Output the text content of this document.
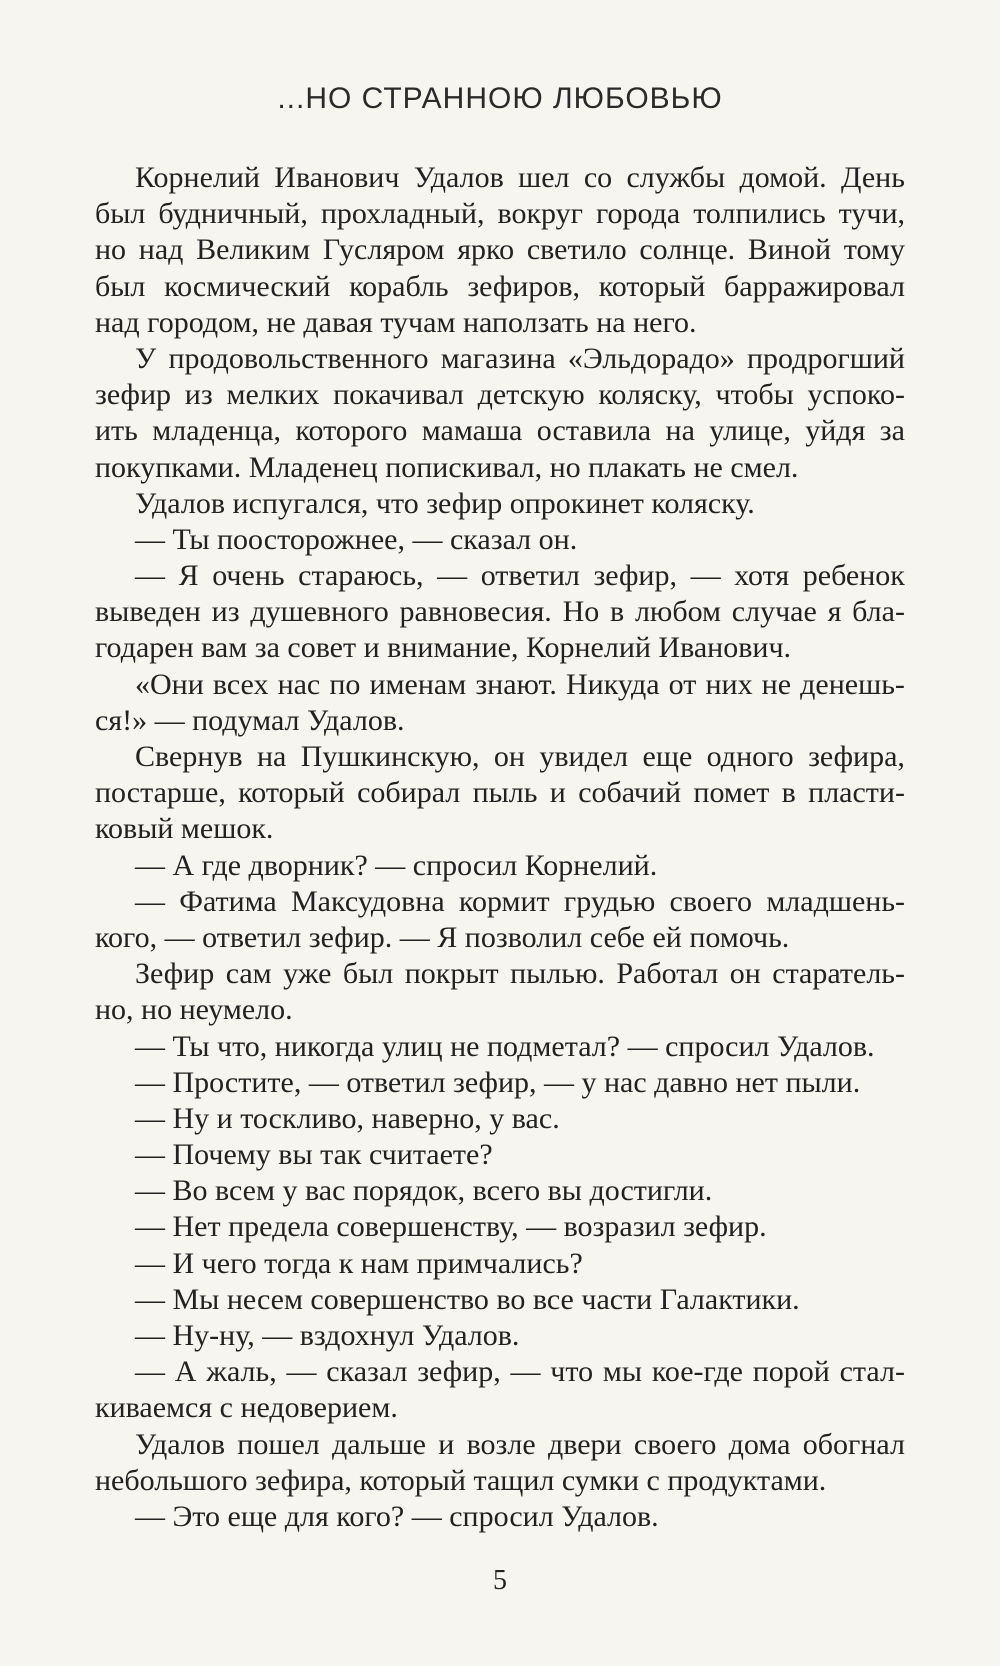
...НО СТРАННОЮ ЛЮБОВЬЮ
Корнелий Иванович Удалов шел со службы домой. День
был будничный, прохладный, вокруг города толпились тучи,
но над Великим Гусляром ярко светило солнце. Виной тому
был космический корабль зефиров, который барражировал
над городом, не давая тучам наползать на него.
У продовольственного магазина «Эльдорадо» продрогший
зефир из мелких покачивал детскую коляску, чтобы успоко-
ить младенца, которого мамаша оставила на улице, уйдя за
покупками. Младенец попискивал, но плакать не смел.
Удалов испугался, что зефир опрокинет коляску.
— Ты поосторожнее, — сказал он.
— Я очень стараюсь, — ответил зефир, — хотя ребенок
выведен из душевного равновесия. Но в любом случае я бла-
годарен вам за совет и внимание, Корнелий Иванович.
«Они всех нас по именам знают. Никуда от них не денешь-
ся!» — подумал Удалов.
Свернув на Пушкинскую, он увидел еще одного зефира,
постарше, который собирал пыль и собачий помет в пласти-
ковый мешок.
— А где дворник? — спросил Корнелий.
— Фатима Максудовна кормит грудью своего младшень-
кого, — ответил зефир. — Я позволил себе ей помочь.
Зефир сам уже был покрыт пылью. Работал он старатель-
но, но неумело.
— Ты что, никогда улиц не подметал? — спросил Удалов.
— Простите, — ответил зефир, — у нас давно нет пыли.
— Ну и тоскливо, наверно, у вас.
— Почему вы так считаете?
— Во всем у вас порядок, всего вы достигли.
— Нет предела совершенству, — возразил зефир.
— И чего тогда к нам примчались?
— Мы несем совершенство во все части Галактики.
— Ну-ну, — вздохнул Удалов.
— А жаль, — сказал зефир, — что мы кое-где порой стал-
киваемся с недоверием.
Удалов пошел дальше и возле двери своего дома обогнал
небольшого зефира, который тащил сумки с продуктами.
— Это еще для кого? — спросил Удалов.
5
